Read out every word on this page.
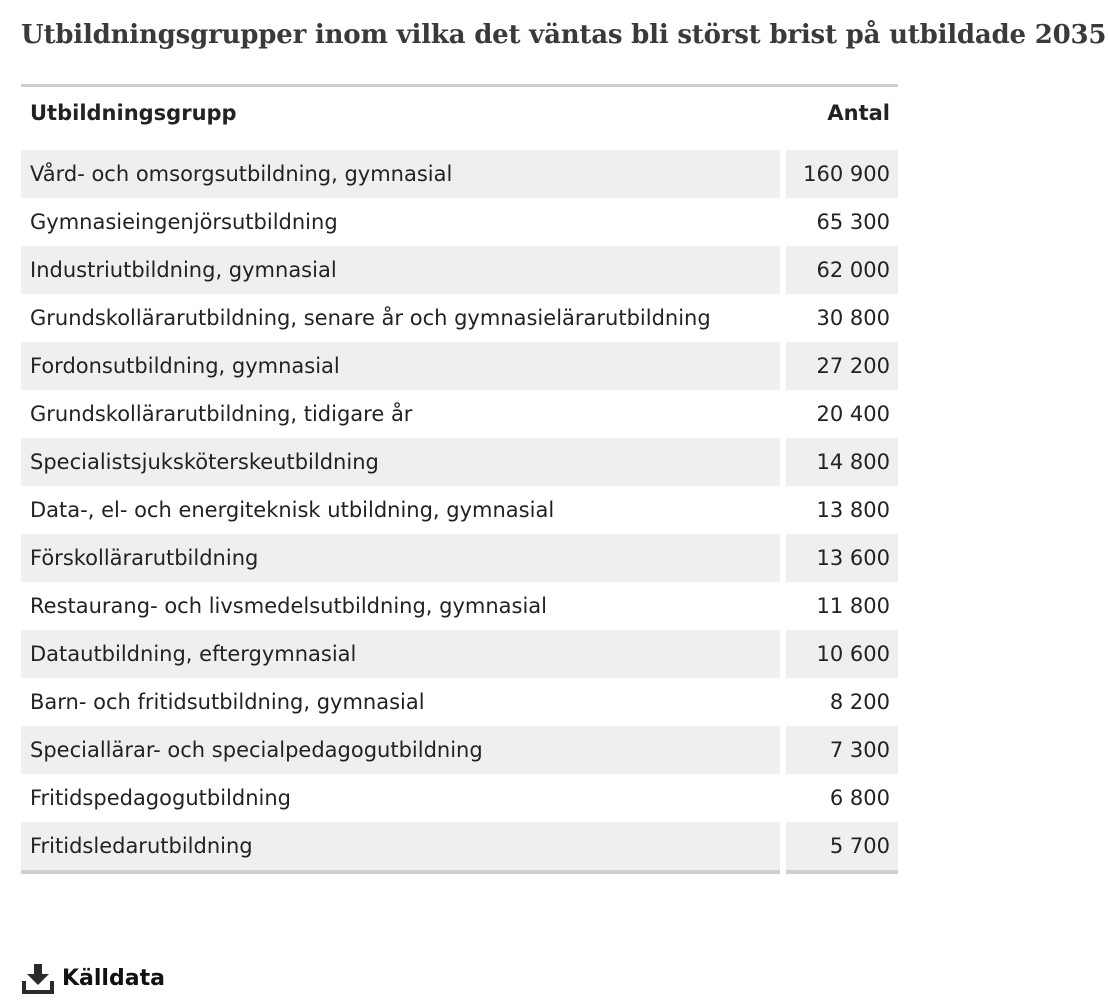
Utbildningsgrupper inom vilka det väntas bli störst brist på utbildade 2035
Utbildningsgrupp	Antal
Vård- och omsorgsutbildning, gymnasial	160 900
Gymnasieingenjörsutbildning	65 300
Industriutbildning, gymnasial	62 000
Grundskollärarutbildning, senare år och gymnasielärarutbildning	30 800
Fordonsutbildning, gymnasial	27 200
Grundskollärarutbildning, tidigare år	20 400
Specialistsjuksköterskeutbildning	14 800
Data-, el- och energiteknisk utbildning, gymnasial	13 800
Förskollärarutbildning	13 600
Restaurang- och livsmedelsutbildning, gymnasial	11 800
Datautbildning, eftergymnasial	10 600
Barn- och fritidsutbildning, gymnasial	8 200
Speciallärar- och specialpedagogutbildning	7 300
Fritidspedagogutbildning	6 800
Fritidsledarutbildning	5 700
Källdata
